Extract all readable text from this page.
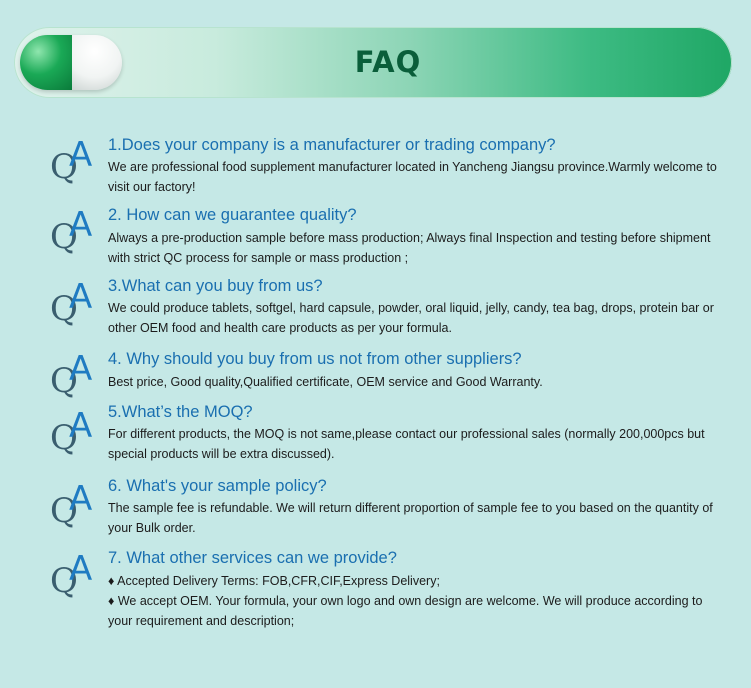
FAQ
Q
A 1.Does your company is a manufacturer or trading company?
We are professional food supplement manufacturer located in Yancheng Jiangsu province.Warmly welcome to
visit our factory!
Q
A 2. How can we guarantee quality?
Always a pre-production sample before mass production; Always final Inspection and testing before shipment
with strict QC process for sample or mass production ;
Q
A 3.What can you buy from us?
We could produce tablets, softgel, hard capsule, powder, oral liquid, jelly, candy, tea bag, drops, protein bar or
other OEM food and health care products as per your formula.
Q
A 4. Why should you buy from us not from other suppliers?
Best price, Good quality,Qualified certificate, OEM service and Good Warranty.
Q
A 5.What’s the MOQ?
For different products, the MOQ is not same,please contact our professional sales (normally 200,000pcs but
special products will be extra discussed).
Q
A 6. What's your sample policy?
The sample fee is refundable. We will return different proportion of sample fee to you based on the quantity of
your Bulk order.
Q
A 7. What other services can we provide?
♦ Accepted Delivery Terms: FOB,CFR,CIF,Express Delivery;
♦ We accept OEM. Your formula, your own logo and own design are welcome. We will produce according to
your requirement and description;
